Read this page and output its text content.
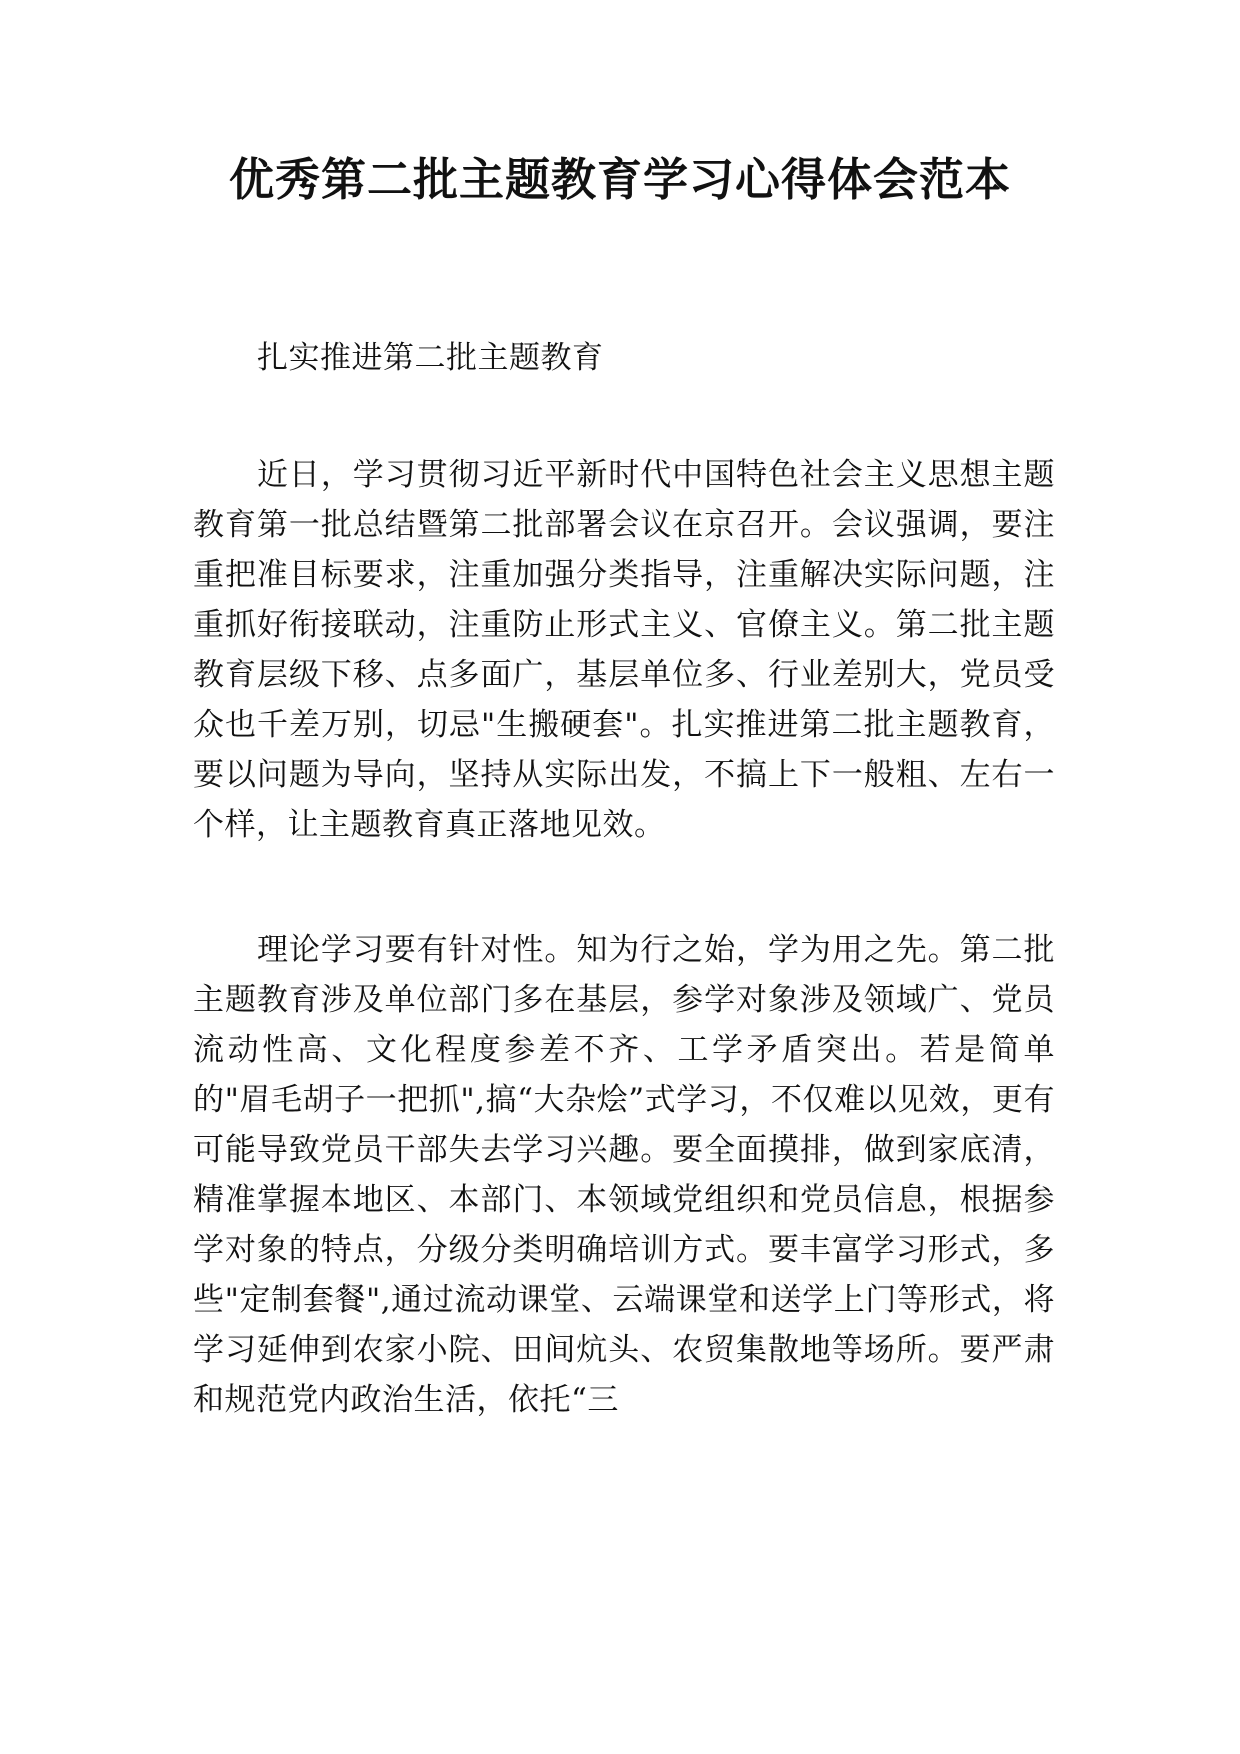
优秀第二批主题教育学习心得体会范本

扎实推进第二批主题教育

近日，学习贯彻习近平新时代中国特色社会主义思想主题教育第一批总结暨第二批部署会议在京召开。会议强调，要注重把准目标要求，注重加强分类指导，注重解决实际问题，注重抓好衔接联动，注重防止形式主义、官僚主义。第二批主题教育层级下移、点多面广，基层单位多、行业差别大，党员受众也千差万别，切忌"生搬硬套"。扎实推进第二批主题教育，要以问题为导向，坚持从实际出发，不搞上下一般粗、左右一个样，让主题教育真正落地见效。

理论学习要有针对性。知为行之始，学为用之先。第二批主题教育涉及单位部门多在基层，参学对象涉及领域广、党员流动性高、文化程度参差不齐、工学矛盾突出。若是简单的"眉毛胡子一把抓",搞“大杂烩”式学习，不仅难以见效，更有可能导致党员干部失去学习兴趣。要全面摸排，做到家底清，精准掌握本地区、本部门、本领域党组织和党员信息，根据参学对象的特点，分级分类明确培训方式。要丰富学习形式，多些"定制套餐",通过流动课堂、云端课堂和送学上门等形式，将学习延伸到农家小院、田间炕头、农贸集散地等场所。要严肃和规范党内政治生活，依托“三
